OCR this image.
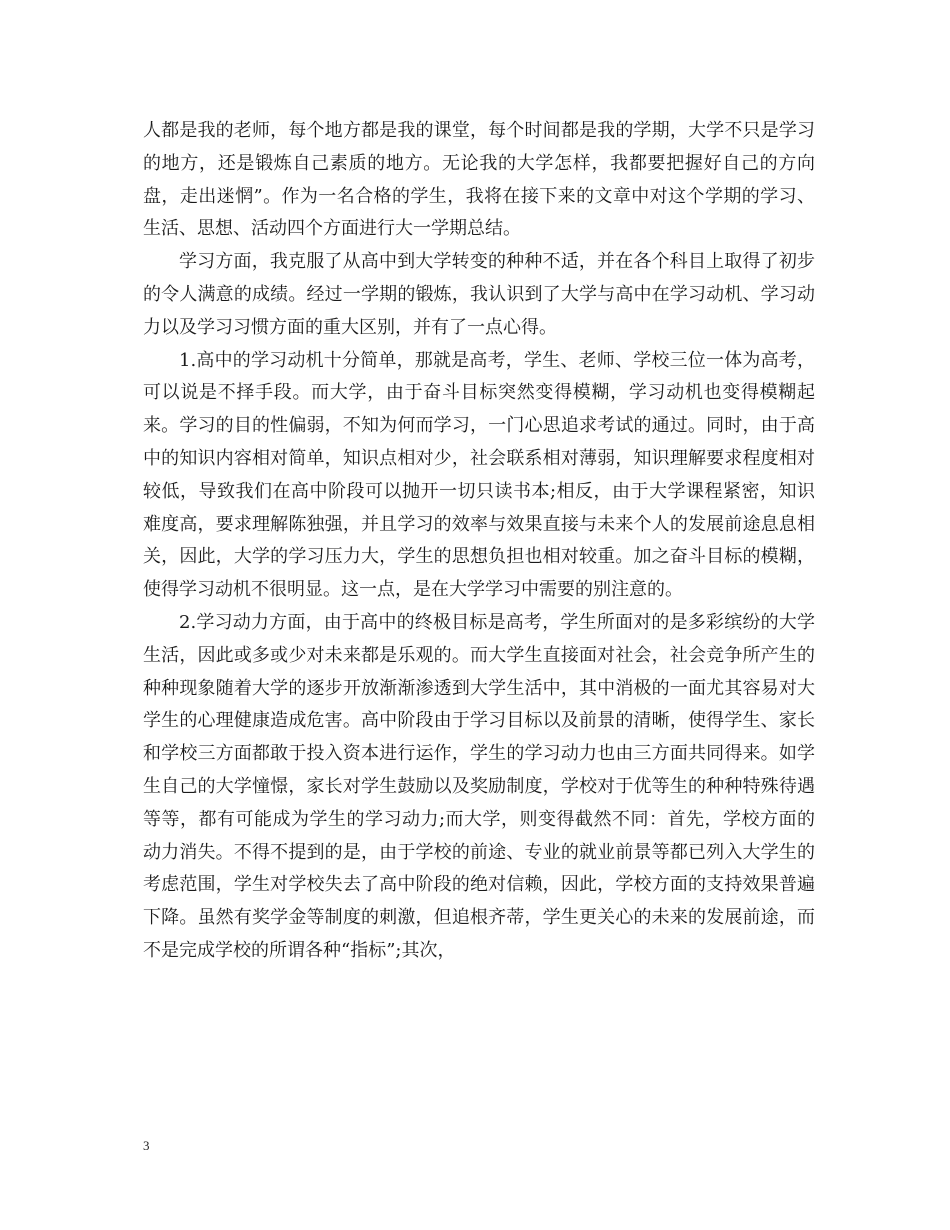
人都是我的老师，每个地方都是我的课堂，每个时间都是我的学期，大学不只是学习的地方，还是锻炼自己素质的地方。无论我的大学怎样，我都要把握好自己的方向盘，走出迷惘”。作为一名合格的学生，我将在接下来的文章中对这个学期的学习、生活、思想、活动四个方面进行大一学期总结。

学习方面，我克服了从高中到大学转变的种种不适，并在各个科目上取得了初步的令人满意的成绩。经过一学期的锻炼，我认识到了大学与高中在学习动机、学习动力以及学习习惯方面的重大区别，并有了一点心得。

1.高中的学习动机十分简单，那就是高考，学生、老师、学校三位一体为高考，可以说是不择手段。而大学，由于奋斗目标突然变得模糊，学习动机也变得模糊起来。学习的目的性偏弱，不知为何而学习，一门心思追求考试的通过。同时，由于高中的知识内容相对简单，知识点相对少，社会联系相对薄弱，知识理解要求程度相对较低，导致我们在高中阶段可以抛开一切只读书本;相反，由于大学课程紧密，知识难度高，要求理解陈独强，并且学习的效率与效果直接与未来个人的发展前途息息相关，因此，大学的学习压力大，学生的思想负担也相对较重。加之奋斗目标的模糊，使得学习动机不很明显。这一点，是在大学学习中需要的别注意的。

2.学习动力方面，由于高中的终极目标是高考，学生所面对的是多彩缤纷的大学生活，因此或多或少对未来都是乐观的。而大学生直接面对社会，社会竞争所产生的种种现象随着大学的逐步开放渐渐渗透到大学生活中，其中消极的一面尤其容易对大学生的心理健康造成危害。高中阶段由于学习目标以及前景的清晰，使得学生、家长和学校三方面都敢于投入资本进行运作，学生的学习动力也由三方面共同得来。如学生自己的大学憧憬，家长对学生鼓励以及奖励制度，学校对于优等生的种种特殊待遇等等，都有可能成为学生的学习动力;而大学，则变得截然不同：首先，学校方面的动力消失。不得不提到的是，由于学校的前途、专业的就业前景等都已列入大学生的考虑范围，学生对学校失去了高中阶段的绝对信赖，因此，学校方面的支持效果普遍下降。虽然有奖学金等制度的刺激，但追根齐蒂，学生更关心的未来的发展前途，而不是完成学校的所谓各种“指标”;其次，

3
